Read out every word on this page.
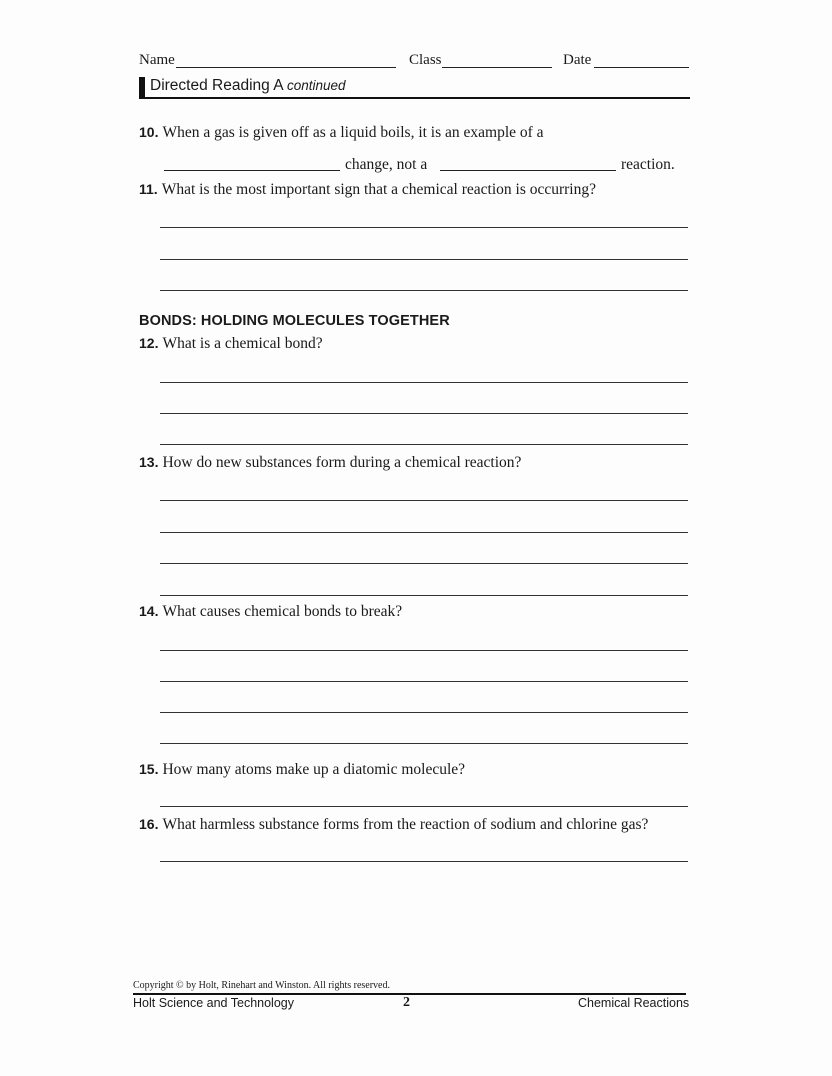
Name	Class	Date
Directed Reading A continued
10. When a gas is given off as a liquid boils, it is an example of a
change, not a	reaction.
11. What is the most important sign that a chemical reaction is occurring?
BONDS: HOLDING MOLECULES TOGETHER
12. What is a chemical bond?
13. How do new substances form during a chemical reaction?
14. What causes chemical bonds to break?
15. How many atoms make up a diatomic molecule?
16. What harmless substance forms from the reaction of sodium and chlorine gas?
Copyright © by Holt, Rinehart and Winston. All rights reserved.
Holt Science and Technology	2	Chemical Reactions
